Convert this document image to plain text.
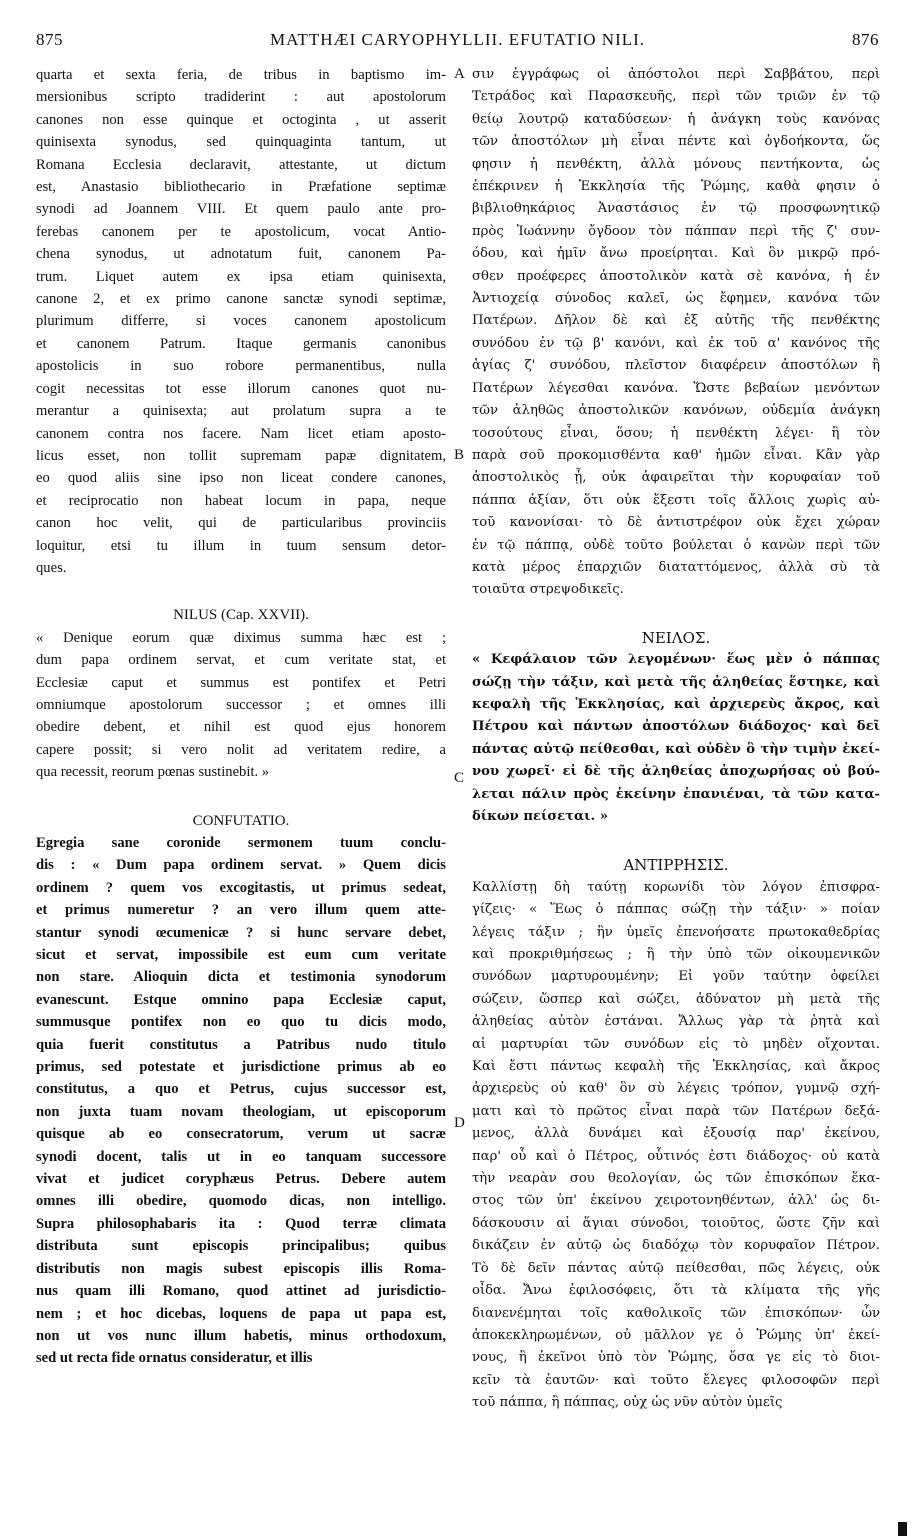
875	MATTHÆI CARYOPHYLLII. EFUTATIO NILI.	876
A
B
C
D
quarta et sexta feria, de tribus in baptismo im-
mersionibus scripto tradiderint : aut apostolorum
canones non esse quinque et octoginta , ut asserit
quinisexta synodus, sed quinquaginta tantum, ut
Romana Ecclesia declaravit, attestante, ut dictum
est, Anastasio bibliothecario in Præfatione septimæ
synodi ad Joannem VIII. Et quem paulo ante pro-
ferebas canonem per te apostolicum, vocat Antio-
chena synodus, ut adnotatum fuit, canonem Pa-
trum. Liquet autem ex ipsa etiam quinisexta,
canone 2, et ex primo canone sanctæ synodi septimæ,
plurimum differre, si voces canonem apostolicum
et canonem Patrum. Itaque germanis canonibus
apostolicis in suo robore permanentibus, nulla
cogit necessitas tot esse illorum canones quot nu-
merantur a quinisexta; aut prolatum supra a te
canonem contra nos facere. Nam licet etiam aposto-
licus esset, non tollit supremam papæ dignitatem,
eo quod aliis sine ipso non liceat condere canones,
et reciprocatio non habeat locum in papa, neque
canon hoc velit, qui de particularibus provinciis
loquitur, etsi tu illum in tuum sensum detor-
ques.
NILUS (Cap. XXVII).
« Denique eorum quæ diximus summa hæc est ;
dum papa ordinem servat, et cum veritate stat, et
Ecclesiæ caput et summus est pontifex et Petri
omniumque apostolorum successor ; et omnes illi
obedire debent, et nihil est quod ejus honorem
capere possit; si vero nolit ad veritatem redire, a
qua recessit, reorum pœnas sustinebit. »
CONFUTATIO.
Egregia sane coronide sermonem tuum conclu-
dis : « Dum papa ordinem servat. » Quem dicis
ordinem ? quem vos excogitastis, ut primus sedeat,
et primus numeretur ? an vero illum quem atte-
stantur synodi œcumenicæ ? si hunc servare debet,
sicut et servat, impossibile est eum cum veritate
non stare. Alioquin dicta et testimonia synodorum
evanescunt. Estque omnino papa Ecclesiæ caput,
summusque pontifex non eo quo tu dicis modo,
quia fuerit constitutus a Patribus nudo titulo
primus, sed potestate et jurisdictione primus ab eo
constitutus, a quo et Petrus, cujus successor est,
non juxta tuam novam theologiam, ut episcoporum
quisque ab eo consecratorum, verum ut sacræ
synodi docent, talis ut in eo tanquam successore
vivat et judicet coryphæus Petrus. Debere autem
omnes illi obedire, quomodo dicas, non intelligo.
Supra philosophabaris ita : Quod terræ climata
distributa sunt episcopis principalibus; quibus
distributis non magis subest episcopis illis Roma-
nus quam illi Romano, quod attinet ad jurisdictio-
nem ; et hoc dicebas, loquens de papa ut papa est,
non ut vos nunc illum habetis, minus orthodoxum,
sed ut recta fide ornatus consideratur, et illis
σιν ἐγγράφως οἱ ἀπόστολοι περὶ Σαββάτου, περὶ
Τετράδος καὶ Παρασκευῆς, περὶ τῶν τριῶν ἐν τῷ
θείῳ λουτρῷ καταδύσεων· ἡ ἀνάγκη τοὺς κανόνας
τῶν ἀποστόλων μὴ εἶναι πέντε καὶ ὀγδοήκοντα, ὥς
φησιν ἡ πενθέκτη, ἀλλὰ μόνους πεντήκοντα, ὡς
ἐπέκρινεν ἡ Ἐκκλησία τῆς Ῥώμης, καθὰ φησιν ὁ
βιβλιοθηκάριος Ἀναστάσιος ἐν τῷ προσφωνητικῷ
πρὸς Ἰωάννην ὄγδοον τὸν πάππαν περὶ τῆς ζ' συν-
όδου, καὶ ἡμῖν ἄνω προείρηται. Καὶ ὃν μικρῷ πρό-
σθεν προέφερες ἀποστολικὸν κατὰ σὲ κανόνα, ἡ ἐν
Ἀντιοχείᾳ σύνοδος καλεῖ, ὡς ἔφημεν, κανόνα τῶν
Πατέρων. Δῆλον δὲ καὶ ἐξ αὐτῆς τῆς πενθέκτης
συνόδου ἐν τῷ β' κανόνι, καὶ ἐκ τοῦ α' κανόνος τῆς
ἁγίας ζ' συνόδου, πλεῖστον διαφέρειν ἀποστόλων ἢ
Πατέρων λέγεσθαι κανόνα. Ὥστε βεβαίων μενόντων
τῶν ἀληθῶς ἀποστολικῶν κανόνων, οὐδεμία ἀνάγκη
τοσούτους εἶναι, ὅσου; ἡ πενθέκτη λέγει· ἢ τὸν
παρὰ σοῦ προκομισθέντα καθ' ἡμῶν εἶναι. Κἂν γὰρ
ἀποστολικὸς ᾖ, οὐκ ἀφαιρεῖται τὴν κορυφαίαν τοῦ
πάππα ἀξίαν, ὅτι οὐκ ἔξεστι τοῖς ἄλλοις χωρὶς αὐ-
τοῦ κανονίσαι· τὸ δὲ ἀντιστρέφον οὐκ ἔχει χώραν
ἐν τῷ πάππᾳ, οὐδὲ τοῦτο βούλεται ὁ κανὼν περὶ τῶν
κατὰ μέρος ἐπαρχιῶν διαταττόμενος, ἀλλὰ σὺ τὰ
τοιαῦτα στρεψοδικεῖς.
ΝΕΙΛΟΣ.
« Κεφάλαιον τῶν λεγομένων· ἕως μὲν ὁ πάππας
σώζῃ τὴν τάξιν, καὶ μετὰ τῆς ἀληθείας ἕστηκε, καὶ
κεφαλὴ τῆς Ἐκκλησίας, καὶ ἀρχιερεὺς ἄκρος, καὶ
Πέτρου καὶ πάντων ἀποστόλων διάδοχος· καὶ δεῖ
πάντας αὐτῷ πείθεσθαι, καὶ οὐδὲν ὃ τὴν τιμὴν ἐκεί-
νου χωρεῖ· εἰ δὲ τῆς ἀληθείας ἀποχωρήσας οὐ βού-
λεται πάλιν πρὸς ἐκείνην ἐπανιέναι, τὰ τῶν κατα-
δίκων πείσεται. »
ΑΝΤΙΡΡΗΣΙΣ.
Καλλίστῃ δὴ ταύτῃ κορωνίδι τὸν λόγον ἐπισφρα-
γίζεις· « Ἕως ὁ πάππας σώζῃ τὴν τάξιν· » ποίαν
λέγεις τάξιν ; ἣν ὑμεῖς ἐπενοήσατε πρωτοκαθεδρίας
καὶ προκριθμήσεως ; ἢ τὴν ὑπὸ τῶν οἰκουμενικῶν
συνόδων μαρτυρουμένην; Εἰ γοῦν ταύτην ὀφείλει
σώζειν, ὥσπερ καὶ σώζει, ἀδύνατον μὴ μετὰ τῆς
ἀληθείας αὐτὸν ἑστάναι. Ἄλλως γὰρ τὰ ῥητὰ καὶ
αἱ μαρτυρίαι τῶν συνόδων εἰς τὸ μηδὲν οἴχονται.
Καὶ ἔστι πάντως κεφαλὴ τῆς Ἐκκλησίας, καὶ ἄκρος
ἀρχιερεὺς οὐ καθ' ὃν σὺ λέγεις τρόπον, γυμνῷ σχή-
ματι καὶ τὸ πρῶτος εἶναι παρὰ τῶν Πατέρων δεξά-
μενος, ἀλλὰ δυνάμει καὶ ἐξουσίᾳ παρ' ἐκείνου,
παρ' οὗ καὶ ὁ Πέτρος, οὗτινός ἐστι διάδοχος· οὐ κατὰ
τὴν νεαρὰν σου θεολογίαν, ὡς τῶν ἐπισκόπων ἕκα-
στος τῶν ὑπ' ἐκείνου χειροτονηθέντων, ἀλλ' ὡς δι-
δάσκουσιν αἱ ἅγιαι σύνοδοι, τοιοῦτος, ὥστε ζῆν καὶ
δικάζειν ἐν αὐτῷ ὡς διαδόχῳ τὸν κορυφαῖον Πέτρον.
Τὸ δὲ δεῖν πάντας αὐτῷ πείθεσθαι, πῶς λέγεις, οὐκ
οἶδα. Ἄνω ἐφιλοσόφεις, ὅτι τὰ κλίματα τῆς γῆς
διανενέμηται τοῖς καθολικοῖς τῶν ἐπισκόπων· ὧν
ἀποκεκληρωμένων, οὐ μᾶλλον γε ὁ Ῥώμης ὑπ' ἐκεί-
νους, ἢ ἐκεῖνοι ὑπὸ τὸν Ῥώμης, ὅσα γε εἰς τὸ διοι-
κεῖν τὰ ἑαυτῶν· καὶ τοῦτο ἔλεγες φιλοσοφῶν περὶ
τοῦ πάππα, ἢ πάππας, οὐχ ὡς νῦν αὐτὸν ὑμεῖς
